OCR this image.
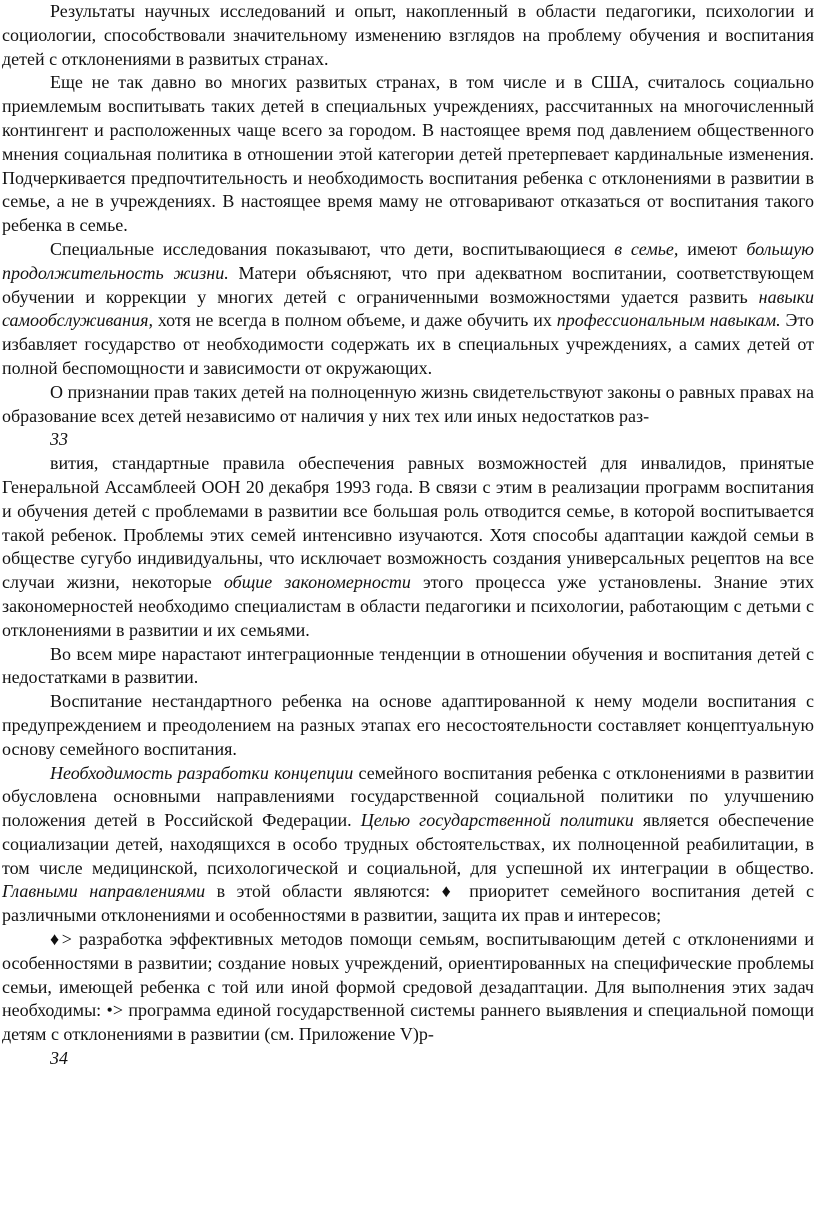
Результаты научных исследований и опыт, накопленный в области педагогики, психологии и социологии, способствовали значительному изменению взглядов на проблему обучения и воспитания детей с отклонениями в развитых странах.

Еще не так давно во многих развитых странах, в том числе и в США, считалось социально приемлемым воспитывать таких детей в специальных учреждениях, рассчитанных на многочисленный контингент и расположенных чаще всего за городом. В настоящее время под давлением общественного мнения социальная политика в отношении этой категории детей претерпевает кардинальные изменения. Подчеркивается предпочтительность и необходимость воспитания ребенка с отклонениями в развитии в семье, а не в учреждениях. В настоящее время маму не отговаривают отказаться от воспитания такого ребенка в семье.

Специальные исследования показывают, что дети, воспитывающиеся в семье, имеют большую продолжительность жизни. Матери объясняют, что при адекватном воспитании, соответствующем обучении и коррекции у многих детей с ограниченными возможностями удается развить навыки самообслуживания, хотя не всегда в полном объеме, и даже обучить их профессиональным навыкам. Это избавляет государство от необходимости содержать их в специальных учреждениях, а самих детей от полной беспомощности и зависимости от окружающих.

О признании прав таких детей на полноценную жизнь свидетельствуют законы о равных правах на образование всех детей независимо от наличия у них тех или иных недостатков раз-

33

вития, стандартные правила обеспечения равных возможностей для инвалидов, принятые Генеральной Ассамблеей ООН 20 декабря 1993 года. В связи с этим в реализации программ воспитания и обучения детей с проблемами в развитии все большая роль отводится семье, в которой воспитывается такой ребенок. Проблемы этих семей интенсивно изучаются. Хотя способы адаптации каждой семьи в обществе сугубо индивидуальны, что исключает возможность создания универсальных рецептов на все случаи жизни, некоторые общие закономерности этого процесса уже установлены. Знание этих закономерностей необходимо специалистам в области педагогики и психологии, работающим с детьми с отклонениями в развитии и их семьями.

Во всем мире нарастают интеграционные тенденции в отношении обучения и воспитания детей с недостатками в развитии.

Воспитание нестандартного ребенка на основе адаптированной к нему модели воспитания с предупреждением и преодолением на разных этапах его несостоятельности составляет концептуальную основу семейного воспитания.

Необходимость разработки концепции семейного воспитания ребенка с отклонениями в развитии обусловлена основными направлениями государственной социальной политики по улучшению положения детей в Российской Федерации. Целью государственной политики является обеспечение социализации детей, находящихся в особо трудных обстоятельствах, их полноценной реабилитации, в том числе медицинской, психологической и социальной, для успешной их интеграции в общество. Главными направлениями в этой области являются: ♦ приоритет семейного воспитания детей с различными отклонениями и особенностями в развитии, защита их прав и интересов;

♦> разработка эффективных методов помощи семьям, воспитывающим детей с отклонениями и особенностями в развитии; создание новых учреждений, ориентированных на специфические проблемы семьи, имеющей ребенка с той или иной формой средовой дезадаптации. Для выполнения этих задач необходимы: •> программа единой государственной системы раннего выявления и специальной помощи детям с отклонениями в развитии (см. Приложение V)р-

34
